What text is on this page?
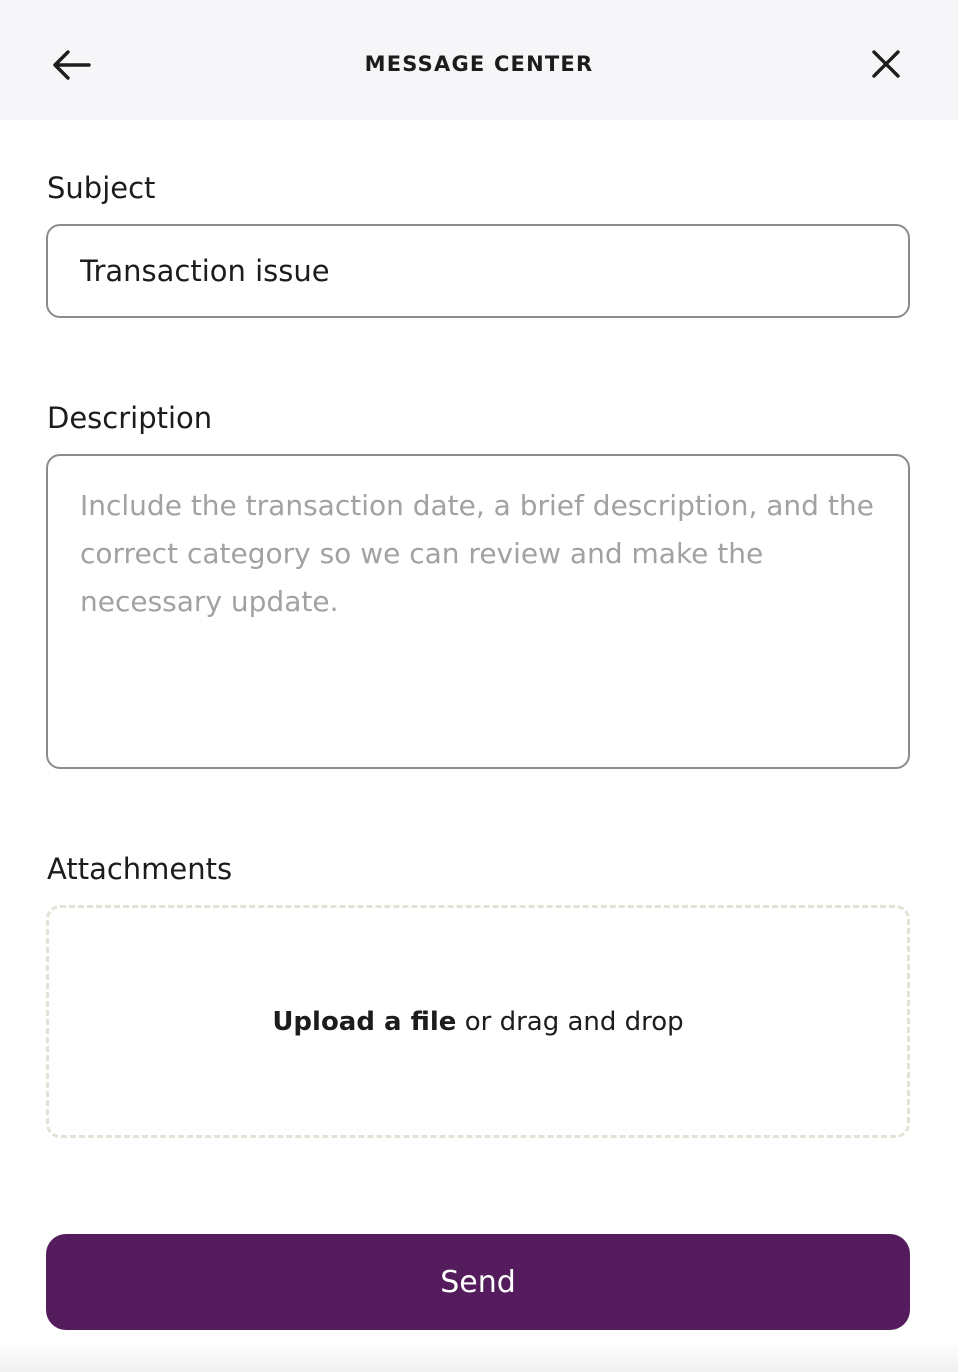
MESSAGE CENTER
Subject
Transaction issue
Description
Include the transaction date, a brief description, and the correct category so we can review and make the necessary update.
Attachments
Upload a file or drag and drop
Send
